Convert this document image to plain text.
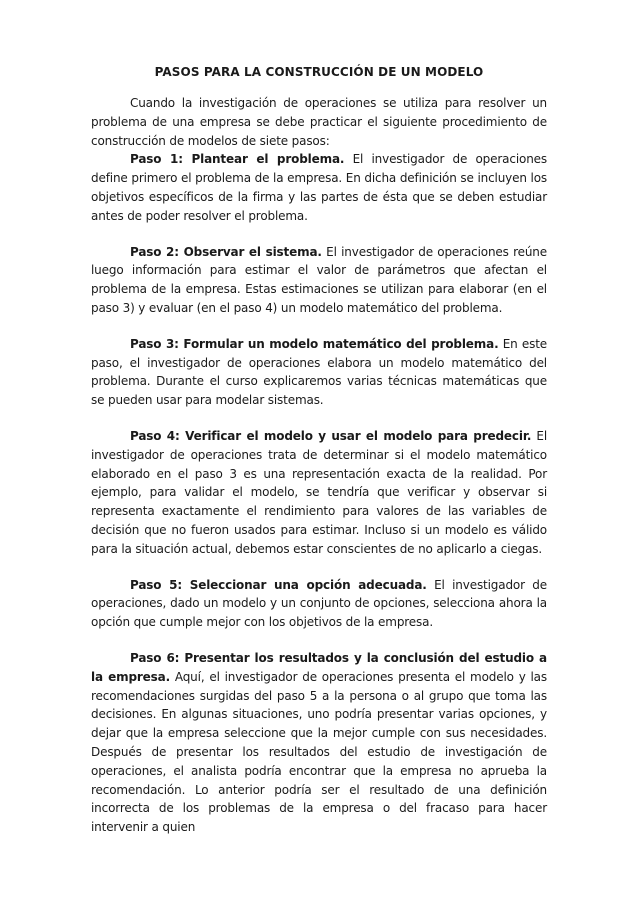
PASOS PARA LA CONSTRUCCIÓN DE UN MODELO

Cuando la investigación de operaciones se utiliza para resolver un problema de una empresa se debe practicar el siguiente procedimiento de construcción de modelos de siete pasos:

Paso 1: Plantear el problema. El investigador de operaciones define primero el problema de la empresa. En dicha definición se incluyen los objetivos específicos de la firma y las partes de ésta que se deben estudiar antes de poder resolver el problema.

Paso 2: Observar el sistema. El investigador de operaciones reúne luego información para estimar el valor de parámetros que afectan el problema de la empresa. Estas estimaciones se utilizan para elaborar (en el paso 3) y evaluar (en el paso 4) un modelo matemático del problema.

Paso 3: Formular un modelo matemático del problema. En este paso, el investigador de operaciones elabora un modelo matemático del problema. Durante el curso explicaremos varias técnicas matemáticas que se pueden usar para modelar sistemas.

Paso 4: Verificar el modelo y usar el modelo para predecir. El investigador de operaciones trata de determinar si el modelo matemático elaborado en el paso 3 es una representación exacta de la realidad. Por ejemplo, para validar el modelo, se tendría que verificar y observar si representa exactamente el rendimiento para valores de las variables de decisión que no fueron usados para estimar. Incluso si un modelo es válido para la situación actual, debemos estar conscientes de no aplicarlo a ciegas.

Paso 5: Seleccionar una opción adecuada. El investigador de operaciones, dado un modelo y un conjunto de opciones, selecciona ahora la opción que cumple mejor con los objetivos de la empresa.

Paso 6: Presentar los resultados y la conclusión del estudio a la empresa. Aquí, el investigador de operaciones presenta el modelo y las recomendaciones surgidas del paso 5 a la persona o al grupo que toma las decisiones. En algunas situaciones, uno podría presentar varias opciones, y dejar que la empresa seleccione que la mejor cumple con sus necesidades. Después de presentar los resultados del estudio de investigación de operaciones, el analista podría encontrar que la empresa no aprueba la recomendación. Lo anterior podría ser el resultado de una definición incorrecta de los problemas de la empresa o del fracaso para hacer intervenir a quien
